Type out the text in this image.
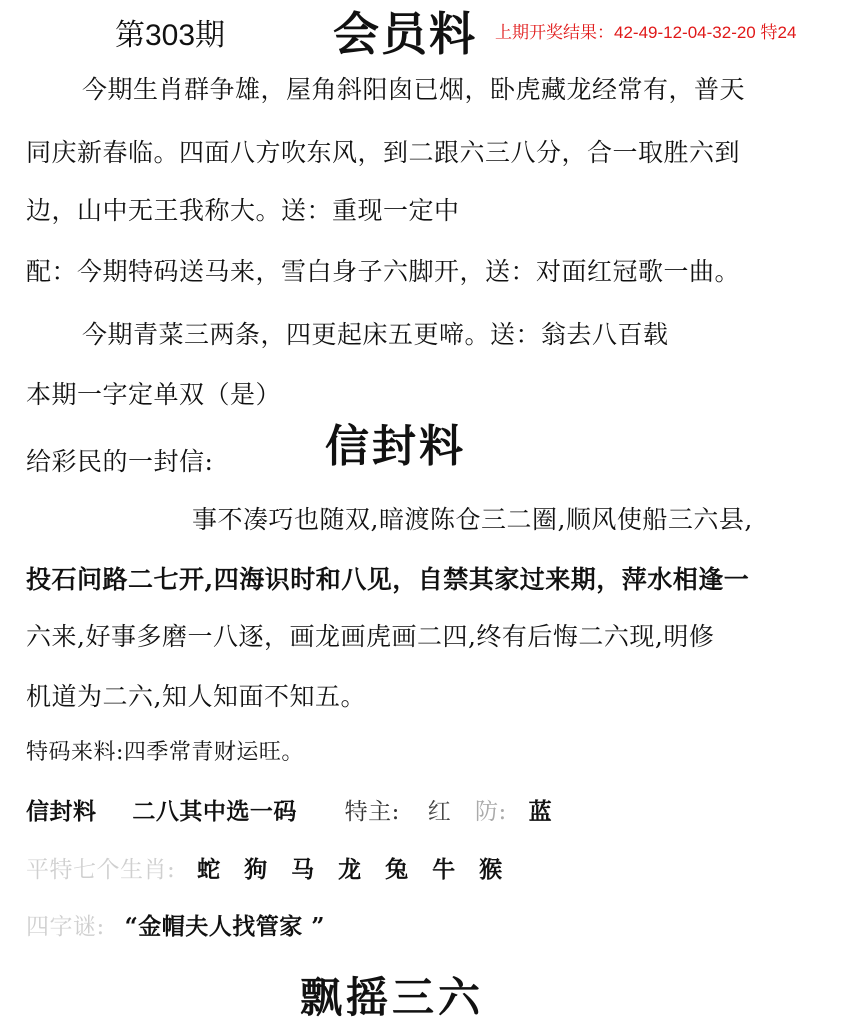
第303期 会员料 上期开奖结果：42-49-12-04-32-20 特24
今期生肖群争雄，屋角斜阳囱已烟，卧虎藏龙经常有，普天
同庆新春临。四面八方吹东风，到二跟六三八分，合一取胜六到
边，山中无王我称大。送：重现一定中
配：今期特码送马来，雪白身子六脚开，送：对面红冠歌一曲。
今期青菜三两条，四更起床五更啼。送：翁去八百载
本期一字定单双（是）
给彩民的一封信:	信封料
事不凑巧也随双,暗渡陈仓三二圈,顺风使船三六县,
投石问路二七开,四海识时和八见，自禁其家过来期，萍水相逢一
六来,好事多磨一八逐，画龙画虎画二四,终有后悔二六现,明修
机道为二六,知人知面不知五。
特码来料:四季常青财运旺。
信封料 二八其中选一码 特主: 红 防: 蓝
平特七个生肖: 蛇 狗 马 龙 兔 牛 猴
四字谜: “金帽夫人找管家 ”
飘摇三六
